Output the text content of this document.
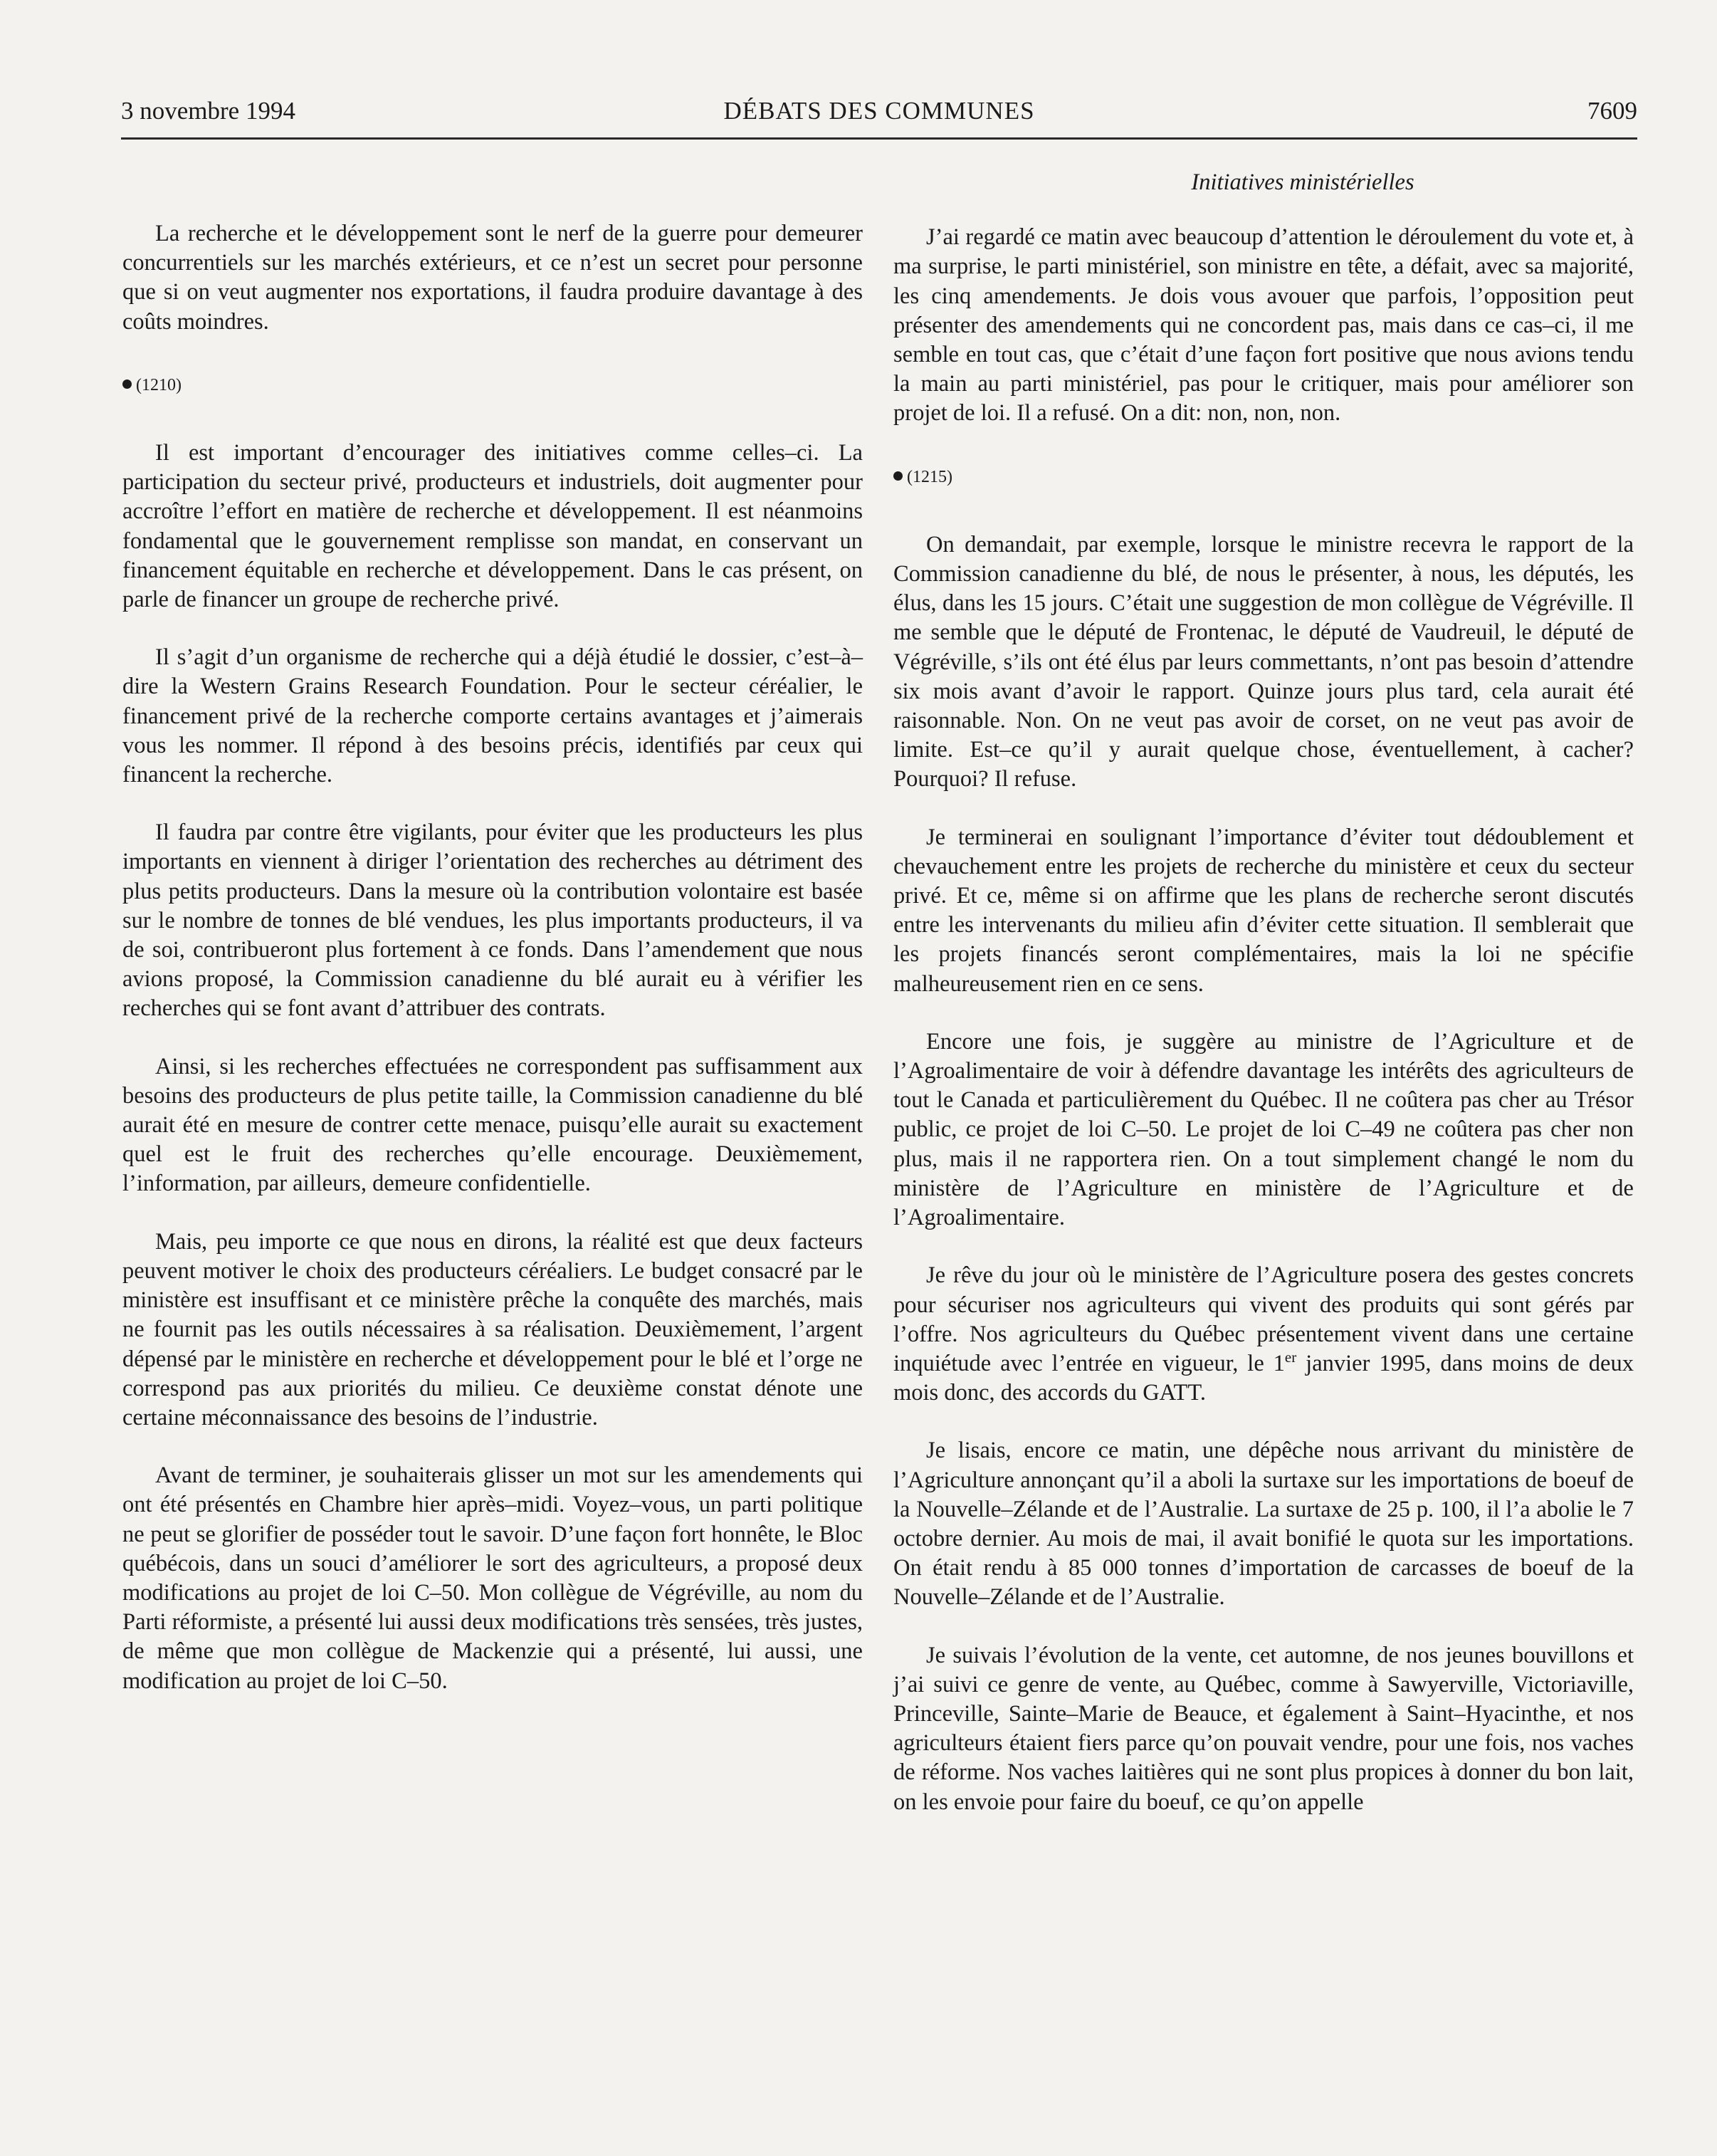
3 novembre 1994	DÉBATS DES COMMUNES	7609

La recherche et le développement sont le nerf de la guerre pour demeurer concurrentiels sur les marchés extérieurs, et ce n’est un secret pour personne que si on veut augmenter nos exportations, il faudra produire davantage à des coûts moindres.

(1210)

Il est important d’encourager des initiatives comme celles–ci. La participation du secteur privé, producteurs et industriels, doit augmenter pour accroître l’effort en matière de recherche et développement. Il est néanmoins fondamental que le gouvernement remplisse son mandat, en conservant un financement équitable en recherche et développement. Dans le cas présent, on parle de financer un groupe de recherche privé.

Il s’agit d’un organisme de recherche qui a déjà étudié le dossier, c’est–à–dire la Western Grains Research Foundation. Pour le secteur céréalier, le financement privé de la recherche comporte certains avantages et j’aimerais vous les nommer. Il répond à des besoins précis, identifiés par ceux qui financent la recherche.

Il faudra par contre être vigilants, pour éviter que les producteurs les plus importants en viennent à diriger l’orientation des recherches au détriment des plus petits producteurs. Dans la mesure où la contribution volontaire est basée sur le nombre de tonnes de blé vendues, les plus importants producteurs, il va de soi, contribueront plus fortement à ce fonds. Dans l’amendement que nous avions proposé, la Commission canadienne du blé aurait eu à vérifier les recherches qui se font avant d’attribuer des contrats.

Ainsi, si les recherches effectuées ne correspondent pas suffisamment aux besoins des producteurs de plus petite taille, la Commission canadienne du blé aurait été en mesure de contrer cette menace, puisqu’elle aurait su exactement quel est le fruit des recherches qu’elle encourage. Deuxièmement, l’information, par ailleurs, demeure confidentielle.

Mais, peu importe ce que nous en dirons, la réalité est que deux facteurs peuvent motiver le choix des producteurs céréaliers. Le budget consacré par le ministère est insuffisant et ce ministère prêche la conquête des marchés, mais ne fournit pas les outils nécessaires à sa réalisation. Deuxièmement, l’argent dépensé par le ministère en recherche et développement pour le blé et l’orge ne correspond pas aux priorités du milieu. Ce deuxième constat dénote une certaine méconnaissance des besoins de l’industrie.

Avant de terminer, je souhaiterais glisser un mot sur les amendements qui ont été présentés en Chambre hier après–midi. Voyez–vous, un parti politique ne peut se glorifier de posséder tout le savoir. D’une façon fort honnête, le Bloc québécois, dans un souci d’améliorer le sort des agriculteurs, a proposé deux modifications au projet de loi C–50. Mon collègue de Végréville, au nom du Parti réformiste, a présenté lui aussi deux modifications très sensées, très justes, de même que mon collègue de Mackenzie qui a présenté, lui aussi, une modification au projet de loi C–50.

Initiatives ministérielles

J’ai regardé ce matin avec beaucoup d’attention le déroulement du vote et, à ma surprise, le parti ministériel, son ministre en tête, a défait, avec sa majorité, les cinq amendements. Je dois vous avouer que parfois, l’opposition peut présenter des amendements qui ne concordent pas, mais dans ce cas–ci, il me semble en tout cas, que c’était d’une façon fort positive que nous avions tendu la main au parti ministériel, pas pour le critiquer, mais pour améliorer son projet de loi. Il a refusé. On a dit: non, non, non.

(1215)

On demandait, par exemple, lorsque le ministre recevra le rapport de la Commission canadienne du blé, de nous le présenter, à nous, les députés, les élus, dans les 15 jours. C’était une suggestion de mon collègue de Végréville. Il me semble que le député de Frontenac, le député de Vaudreuil, le député de Végréville, s’ils ont été élus par leurs commettants, n’ont pas besoin d’attendre six mois avant d’avoir le rapport. Quinze jours plus tard, cela aurait été raisonnable. Non. On ne veut pas avoir de corset, on ne veut pas avoir de limite. Est–ce qu’il y aurait quelque chose, éventuellement, à cacher? Pourquoi? Il refuse.

Je terminerai en soulignant l’importance d’éviter tout dédoublement et chevauchement entre les projets de recherche du ministère et ceux du secteur privé. Et ce, même si on affirme que les plans de recherche seront discutés entre les intervenants du milieu afin d’éviter cette situation. Il semblerait que les projets financés seront complémentaires, mais la loi ne spécifie malheureusement rien en ce sens.

Encore une fois, je suggère au ministre de l’Agriculture et de l’Agroalimentaire de voir à défendre davantage les intérêts des agriculteurs de tout le Canada et particulièrement du Québec. Il ne coûtera pas cher au Trésor public, ce projet de loi C–50. Le projet de loi C–49 ne coûtera pas cher non plus, mais il ne rapportera rien. On a tout simplement changé le nom du ministère de l’Agriculture en ministère de l’Agriculture et de l’Agroalimentaire.

Je rêve du jour où le ministère de l’Agriculture posera des gestes concrets pour sécuriser nos agriculteurs qui vivent des produits qui sont gérés par l’offre. Nos agriculteurs du Québec présentement vivent dans une certaine inquiétude avec l’entrée en vigueur, le 1er janvier 1995, dans moins de deux mois donc, des accords du GATT.

Je lisais, encore ce matin, une dépêche nous arrivant du ministère de l’Agriculture annonçant qu’il a aboli la surtaxe sur les importations de boeuf de la Nouvelle–Zélande et de l’Australie. La surtaxe de 25 p. 100, il l’a abolie le 7 octobre dernier. Au mois de mai, il avait bonifié le quota sur les importations. On était rendu à 85 000 tonnes d’importation de carcasses de boeuf de la Nouvelle–Zélande et de l’Australie.

Je suivais l’évolution de la vente, cet automne, de nos jeunes bouvillons et j’ai suivi ce genre de vente, au Québec, comme à Sawyerville, Victoriaville, Princeville, Sainte–Marie de Beauce, et également à Saint–Hyacinthe, et nos agriculteurs étaient fiers parce qu’on pouvait vendre, pour une fois, nos vaches de réforme. Nos vaches laitières qui ne sont plus propices à donner du bon lait, on les envoie pour faire du boeuf, ce qu’on appelle
